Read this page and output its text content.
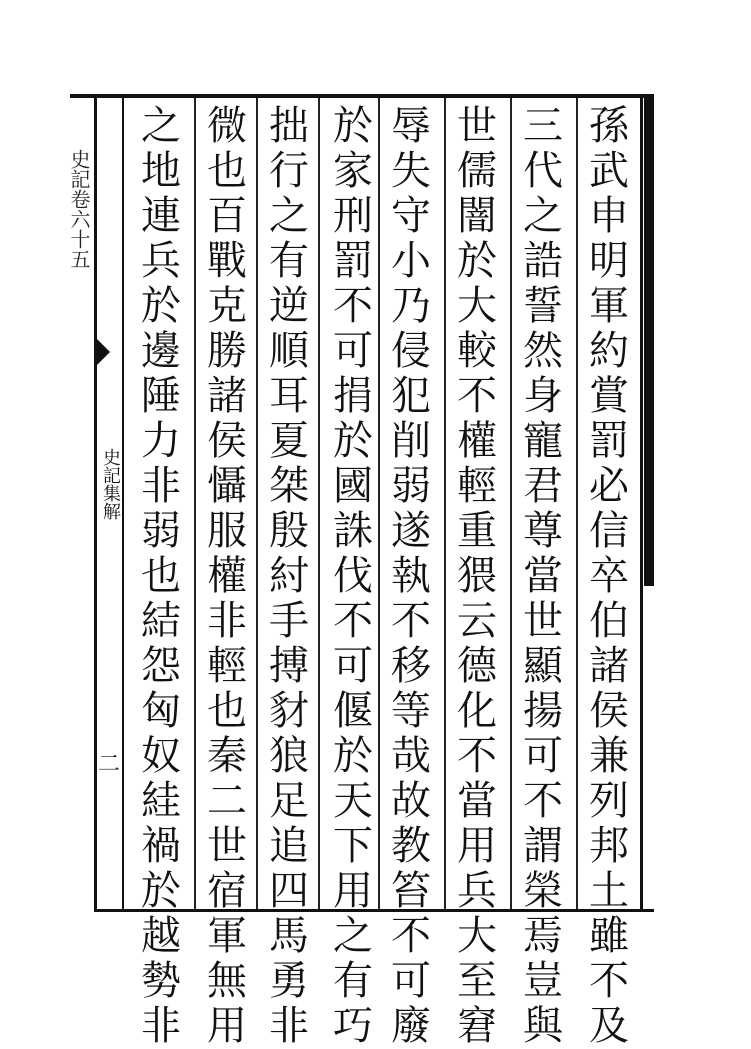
史記卷六十五
史記集解
二
孫
武
申
明
軍
約
賞
罰
必
信
卒
伯
諸
侯
兼
列
邦
土
雖
不
及
三
代
之
誥
誓
然
身
寵
君
尊
當
世
顯
揚
可
不
謂
榮
焉
豈
與
世
儒
闇
於
大
較
不
權
輕
重
猥
云
德
化
不
當
用
兵
大
至
窘
辱
失
守
小
乃
侵
犯
削
弱
遂
執
不
移
等
哉
故
教
笞
不
可
廢
於
家
刑
罰
不
可
捐
於
國
誅
伐
不
可
偃
於
天
下
用
之
有
巧
拙
行
之
有
逆
順
耳
夏
桀
殷
紂
手
搏
豺
狼
足
追
四
馬
勇
非
微
也
百
戰
克
勝
諸
侯
懾
服
權
非
輕
也
秦
二
世
宿
軍
無
用
之
地
連
兵
於
邊
陲
力
非
弱
也
結
怨
匈
奴
絓
禍
於
越
勢
非
